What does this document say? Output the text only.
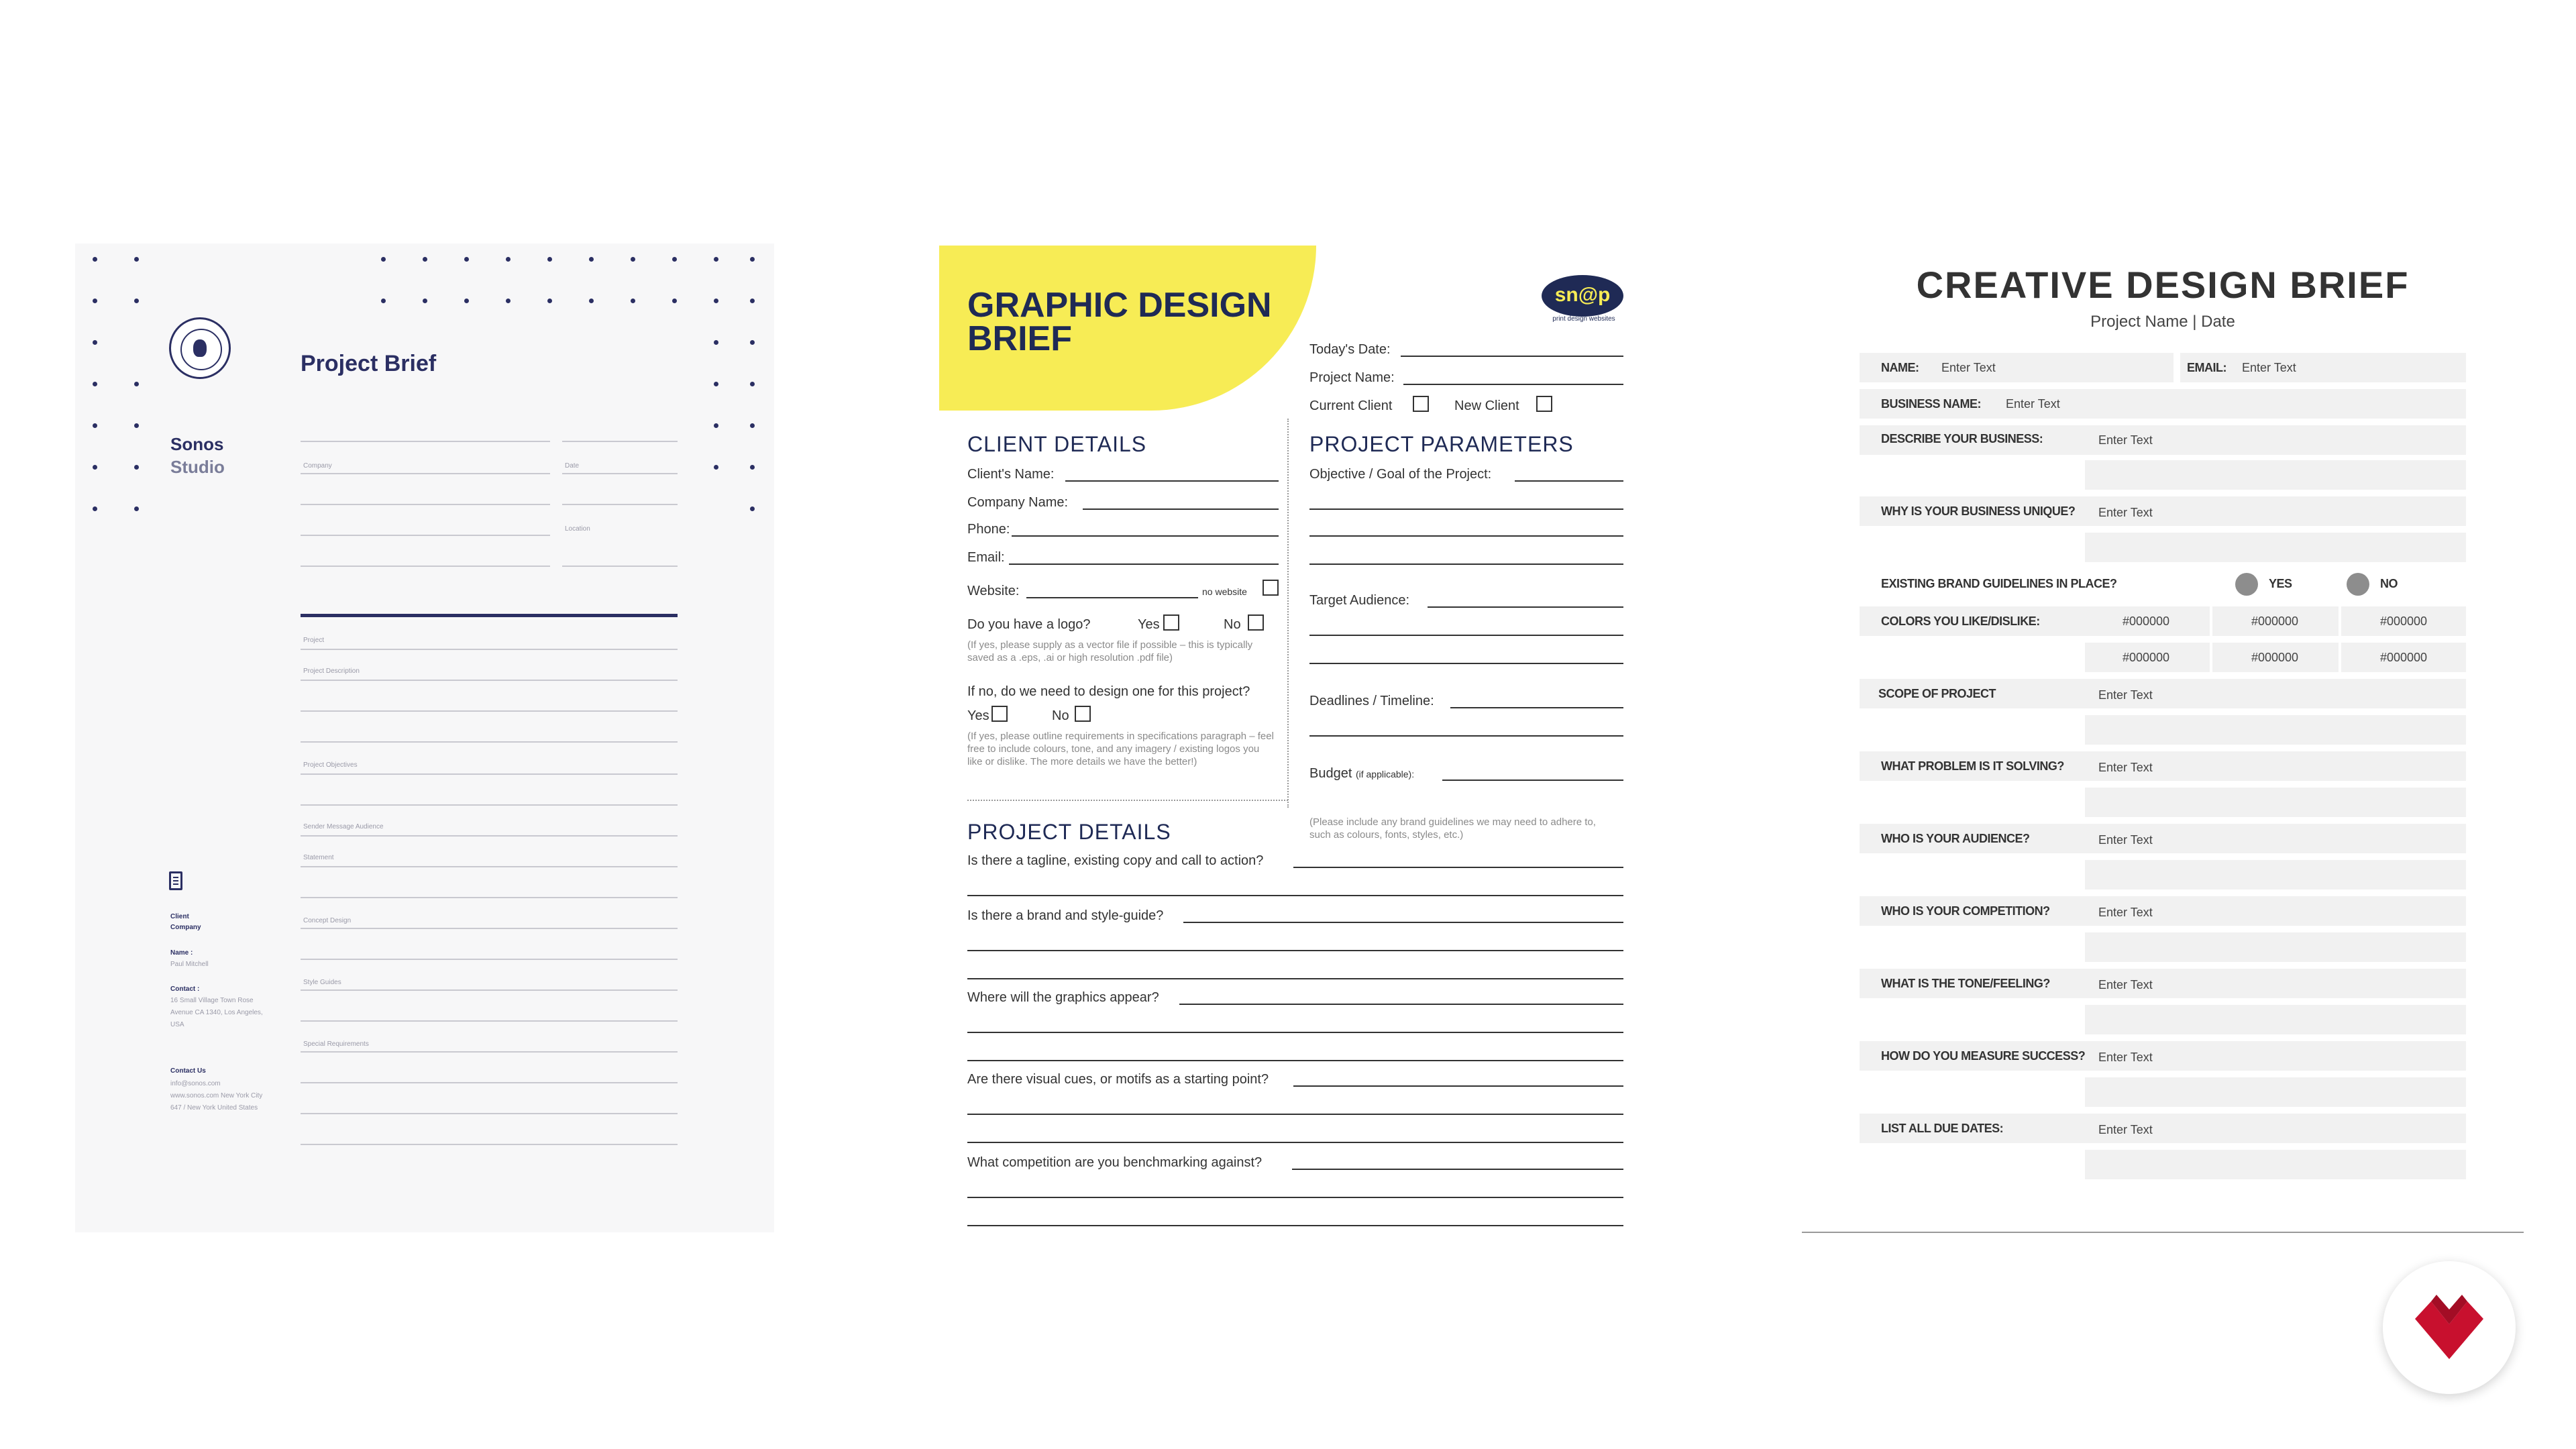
Project Brief
Sonos
Studio	Company	Date
Location
Project
Project Description
Project Objectives
Sender Message Audience
Statement
Concept Design
Style Guides
Special Requirements
Client
Company
Name :
Paul Mitchell
Contact :
16 Small Village Town Rose Avenue CA 1340, Los Angeles, USA
Contact Us
info@sonos.com www.sonos.com New York City 647 / New York United States
GRAPHIC DESIGN BRIEF
sn@p
print design websites
Today's Date:
Project Name:
Current Client	New Client
CLIENT DETAILS
Client's Name:
Company Name:
Phone:
Email:
Website:	no website
Do you have a logo?	Yes	No
(If yes, please supply as a vector file if possible – this is typically saved as a .eps, .ai or high resolution .pdf file)
If no, do we need to design one for this project?
Yes	No
(If yes, please outline requirements in specifications paragraph – feel free to include colours, tone, and any imagery / existing logos you like or dislike. The more details we have the better!)
PROJECT PARAMETERS
Objective / Goal of the Project:
Target Audience:
Deadlines / Timeline:
Budget (if applicable):
(Please include any brand guidelines we may need to adhere to, such as colours, fonts, styles, etc.)
PROJECT DETAILS
Is there a tagline, existing copy and call to action?
Is there a brand and style-guide?
Where will the graphics appear?
Are there visual cues, or motifs as a starting point?
What competition are you benchmarking against?
CREATIVE DESIGN BRIEF
Project Name | Date
NAME: Enter Text	EMAIL: Enter Text
BUSINESS NAME: Enter Text
DESCRIBE YOUR BUSINESS:	Enter Text
WHY IS YOUR BUSINESS UNIQUE? Enter Text
EXISTING BRAND GUIDELINES IN PLACE?	YES	NO
COLORS YOU LIKE/DISLIKE:	#000000	#000000	#000000
#000000	#000000	#000000
SCOPE OF PROJECT	Enter Text
WHAT PROBLEM IS IT SOLVING?	Enter Text
WHO IS YOUR AUDIENCE?	Enter Text
WHO IS YOUR COMPETITION?	Enter Text
WHAT IS THE TONE/FEELING?	Enter Text
HOW DO YOU MEASURE SUCCESS? Enter Text
LIST ALL DUE DATES:	Enter Text
